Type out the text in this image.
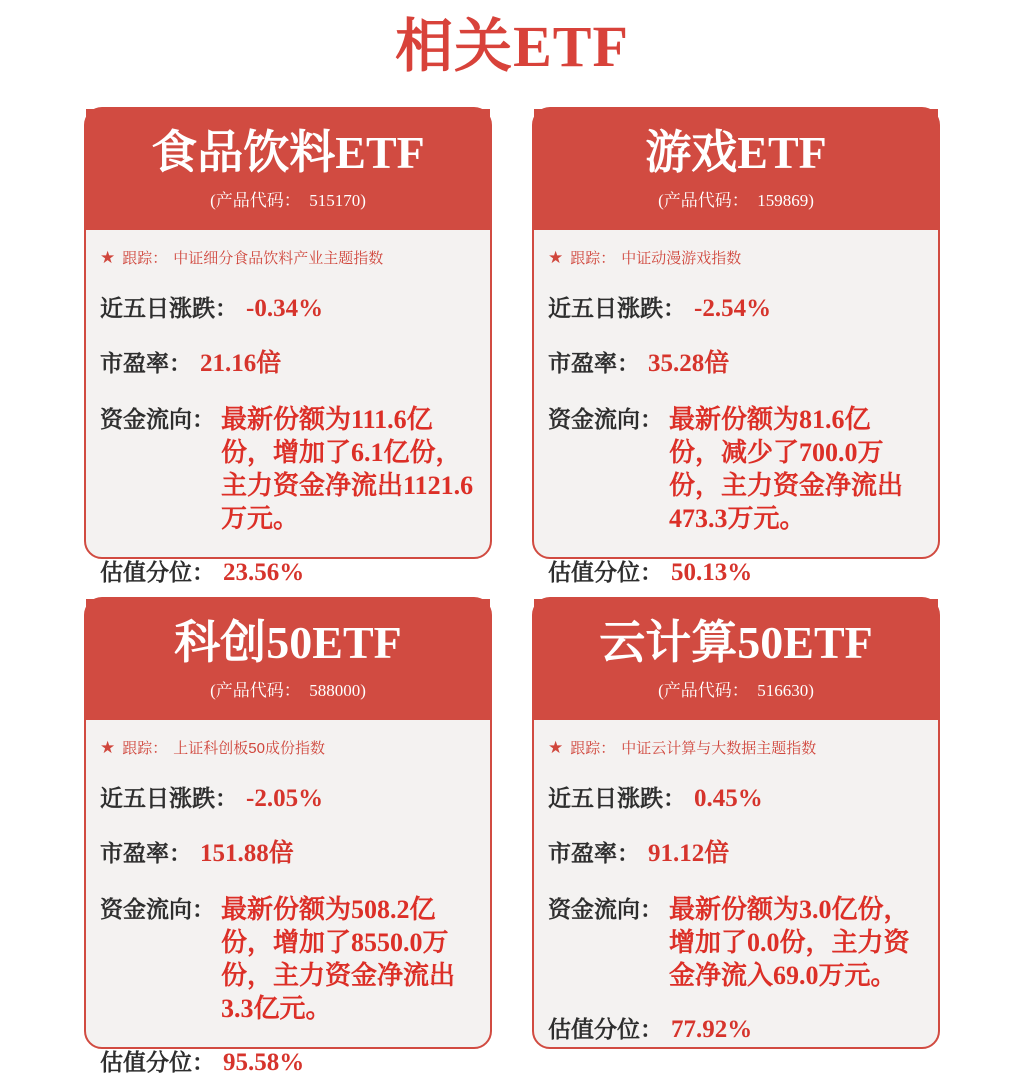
相关ETF
食品饮料ETF
(产品代码：  515170)
★ 跟踪： 中证细分食品饮料产业主题指数
近五日涨跌： -0.34%
市盈率： 21.16倍
资金流向： 最新份额为111.6亿份，增加了6.1亿份，主力资金净流出1121.6万元。
估值分位： 23.56%
游戏ETF
(产品代码：  159869)
★ 跟踪： 中证动漫游戏指数
近五日涨跌： -2.54%
市盈率： 35.28倍
资金流向： 最新份额为81.6亿份，减少了700.0万份，主力资金净流出473.3万元。
估值分位： 50.13%
科创50ETF
(产品代码：  588000)
★ 跟踪： 上证科创板50成份指数
近五日涨跌： -2.05%
市盈率： 151.88倍
资金流向： 最新份额为508.2亿份，增加了8550.0万份，主力资金净流出3.3亿元。
估值分位： 95.58%
云计算50ETF
(产品代码：  516630)
★ 跟踪： 中证云计算与大数据主题指数
近五日涨跌： 0.45%
市盈率： 91.12倍
资金流向： 最新份额为3.0亿份，增加了0.0份，主力资金净流入69.0万元。
估值分位： 77.92%
